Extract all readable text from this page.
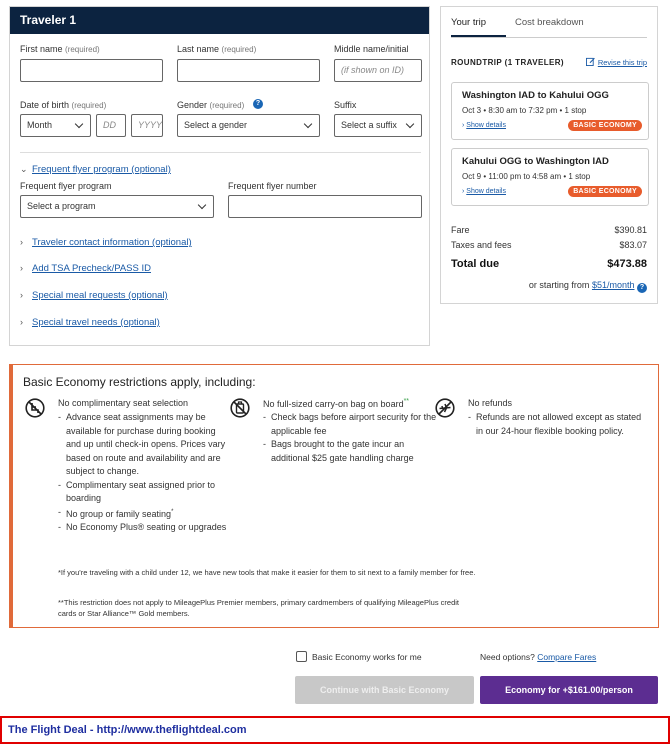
Traveler 1
First name (required)	Last name (required)	Middle name/initial
(if shown on ID)
Date of birth (required)
Month	DD	YYYY
Gender (required)	?
Select a gender
Suffix
Select a suffix
⌄ Frequent flyer program (optional)
Frequent flyer program
Select a program
Frequent flyer number
› Traveler contact information (optional)
› Add TSA Precheck/PASS ID
› Special meal requests (optional)
› Special travel needs (optional)
Your trip	Cost breakdown
ROUNDTRIP (1 TRAVELER)	Revise this trip
Washington IAD to Kahului OGG
Oct 3 • 8:30 am to 7:32 pm • 1 stop
› Show details	BASIC ECONOMY
Kahului OGG to Washington IAD
Oct 9 • 11:00 pm to 4:58 am • 1 stop
› Show details	BASIC ECONOMY
Fare	$390.81
Taxes and fees	$83.07
Total due	$473.88
or starting from $51/month ?
Basic Economy restrictions apply, including:
No complimentary seat selection
- Advance seat assignments may be available for purchase during booking and up until check-in opens. Prices vary based on route and availability and are subject to change.
- Complimentary seat assigned prior to boarding
- No group or family seating*
- No Economy Plus® seating or upgrades
No full-sized carry-on bag on board**
- Check bags before airport security for the applicable fee
- Bags brought to the gate incur an additional $25 gate handling charge
No refunds
- Refunds are not allowed except as stated in our 24-hour flexible booking policy.
*If you're traveling with a child under 12, we have new tools that make it easier for them to sit next to a family member for free.
**This restriction does not apply to MileagePlus Premier members, primary cardmembers of qualifying MileagePlus credit cards or Star Alliance™ Gold members.
Basic Economy works for me	Need options? Compare Fares
Continue with Basic Economy	Economy for +$161.00/person
The Flight Deal - http://www.theflightdeal.com
